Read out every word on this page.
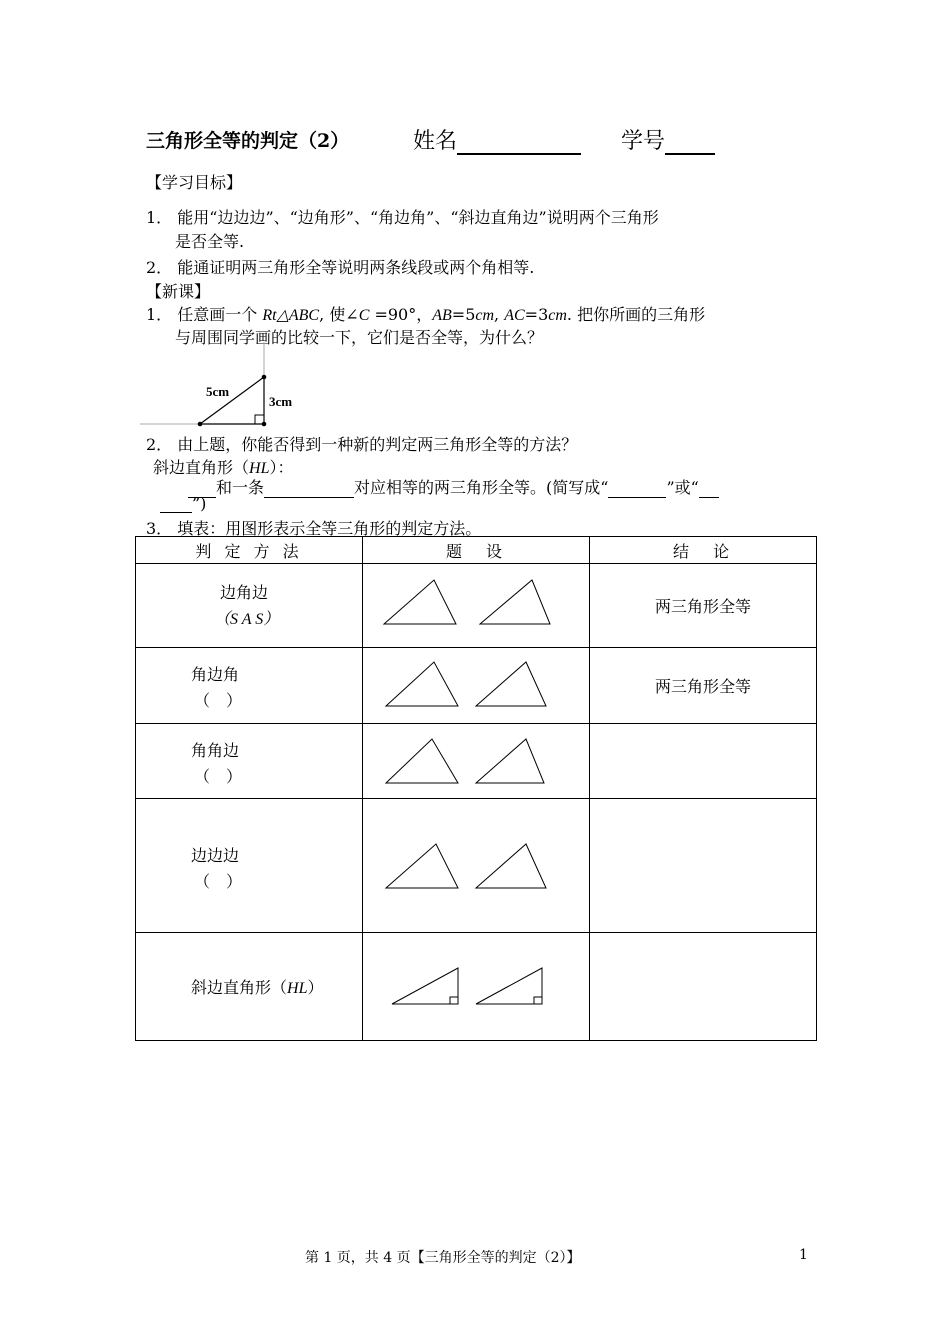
三角形全等的判定（2）	姓名	学号
【学习目标】
1． 能用“边边边”、“边角形”、“角边角”、“斜边直角边”说明两个三角形
是否全等.
2． 能通证明两三角形全等说明两条线段或两个角相等.
【新课】
1． 任意画一个 Rt△ABC, 使∠C =90°，AB=5cm, AC=3cm. 把你所画的三角形
与周围同学画的比较一下，它们是否全等，为什么？
5cm
3cm
2． 由上题，你能否得到一种新的判定两三角形全等的方法？
斜边直角形（HL）：
和一条	对应相等的两三角形全等。(简写成“	”或“
”)
3． 填表：用图形表示全等三角形的判定方法。
判 定 方 法	题　设	结　论

边角边
（S A S）		两三角形全等

角边角
（　）		两三角形全等

角角边
（　）

边边边
（　）

斜边直角形（HL）

第 1 页，共 4 页【三角形全等的判定（2）】	1
